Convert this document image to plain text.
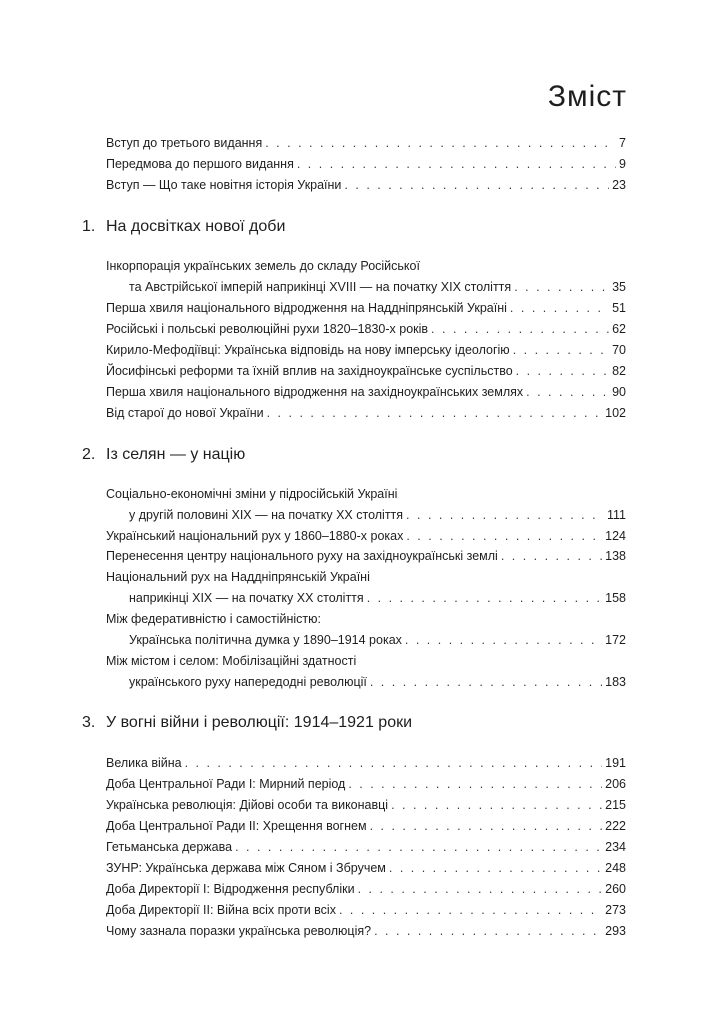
Зміст
Вступ до третього видання . . .	7
Передмова до першого видання . . .	9
Вступ — Що таке новітня історія України . . .	23
1. На досвітках нової доби
Інкорпорація українських земель до складу Російської
та Австрійської імперій наприкінці XVIII — на початку XIX століття . . .	35
Перша хвиля національного відродження на Наддніпрянській Україні . . .	51
Російські і польські революційні рухи 1820–1830-х років . . .	62
Кирило-Мефодіївці: Українська відповідь на нову імперську ідеологію . . .	70
Йосифінські реформи та їхній вплив на західноукраїнське суспільство . . .	82
Перша хвиля національного відродження на західноукраїнських землях . . .	90
Від старої до нової України . . .	102
2. Із селян — у націю
Соціально-економічні зміни у підросійській Україні
у другій половині XIX — на початку XX століття . . .	111
Український національний рух у 1860–1880-х роках . . .	124
Перенесення центру національного руху на західноукраїнські землі . . .	138
Національний рух на Наддніпрянській Україні
наприкінці XIX — на початку XX століття . . .	158
Між федеративністю і самостійністю:
Українська політична думка у 1890–1914 роках . . .	172
Між містом і селом: Мобілізаційні здатності
українського руху напередодні революції . . .	183
3. У вогні війни і революції: 1914–1921 роки
Велика війна . . .	191
Доба Центральної Ради I: Мирний період . . .	206
Українська революція: Дійові особи та виконавці . . .	215
Доба Центральної Ради II: Хрещення вогнем . . .	222
Гетьманська держава . . .	234
ЗУНР: Українська держава між Сяном і Збручем . . .	248
Доба Директорії I: Відродження республіки . . .	260
Доба Директорії II: Війна всіх проти всіх . . .	273
Чому зазнала поразки українська революція? . . .	293
